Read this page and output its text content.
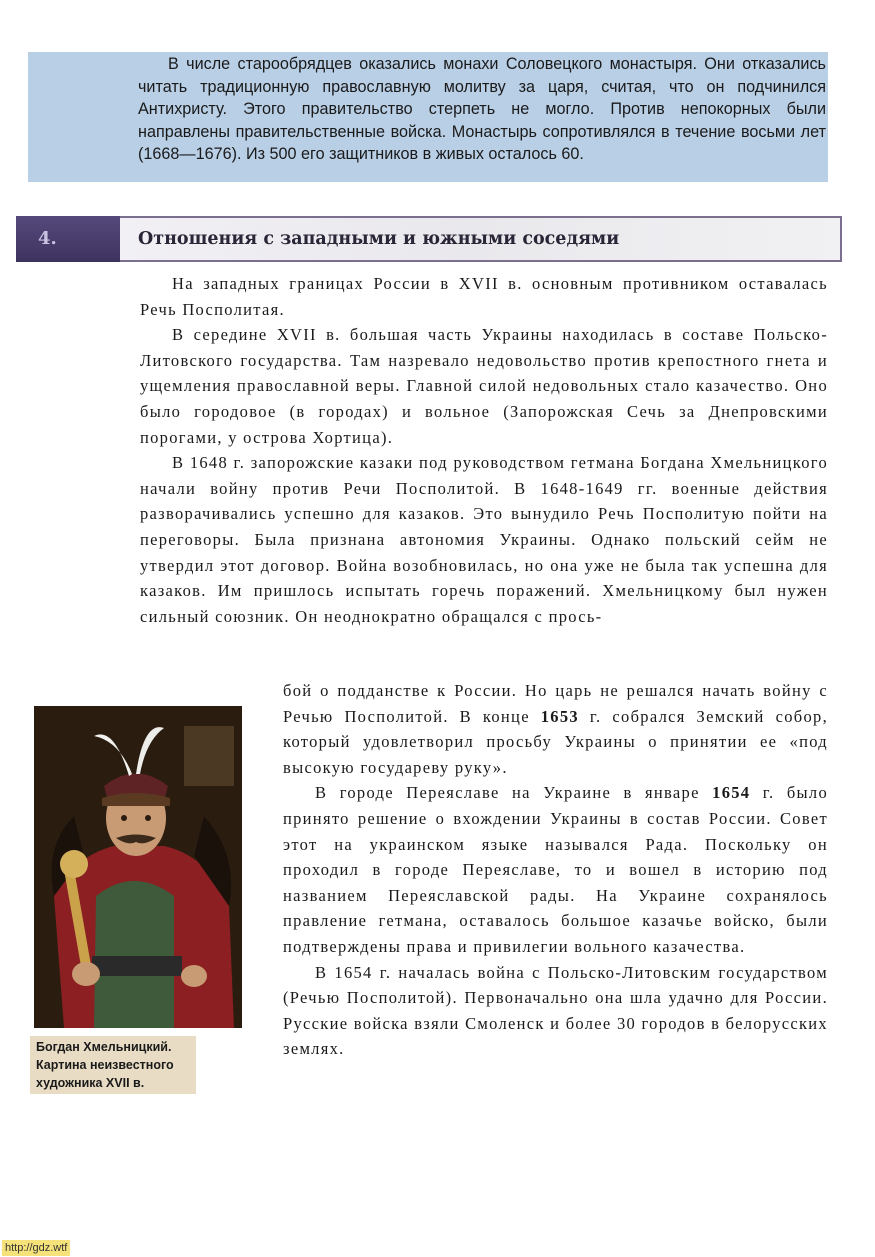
В числе старообрядцев оказались монахи Соловецкого монастыря. Они отказались читать традиционную православную молитву за царя, считая, что он подчинился Антихристу. Этого правительство стерпеть не могло. Против непокорных были направлены правительственные войска. Монастырь сопротивлялся в течение восьми лет (1668—1676). Из 500 его защитников в живых осталось 60.

4.	Отношения с западными и южными соседями

На западных границах России в XVII в. основным противником оставалась Речь Посполитая.

В середине XVII в. большая часть Украины находилась в составе Польско-Литовского государства. Там назревало недовольство против крепостного гнета и ущемления православной веры. Главной силой недовольных стало казачество. Оно было городовое (в городах) и вольное (Запорожская Сечь за Днепровскими порогами, у острова Хортица).

В 1648 г. запорожские казаки под руководством гетмана Богдана Хмельницкого начали войну против Речи Посполитой. В 1648-1649 гг. военные действия разворачивались успешно для казаков. Это вынудило Речь Посполитую пойти на переговоры. Была признана автономия Украины. Однако польский сейм не утвердил этот договор. Война возобновилась, но она уже не была так успешна для казаков. Им пришлось испытать горечь поражений. Хмельницкому был нужен сильный союзник. Он неоднократно обращался с прось-

Богдан Хмельницкий.
Картина неизвестного
художника XVII в.

бой о подданстве к России. Но царь не решался начать войну с Речью Посполитой. В конце 1653 г. собрался Земский собор, который удовлетворил просьбу Украины о принятии ее «под высокую государеву руку».

В городе Переяславе на Украине в январе 1654 г. было принято решение о вхождении Украины в состав России. Совет этот на украинском языке назывался Рада. Поскольку он проходил в городе Переяславе, то и вошел в историю под названием Переяславской рады. На Украине сохранялось правление гетмана, оставалось большое казачье войско, были подтверждены права и привилегии вольного казачества.

В 1654 г. началась война с Польско-Литовским государством (Речью Посполитой). Первоначально она шла удачно для России. Русские войска взяли Смоленск и более 30 городов в белорусских землях.

http://gdz.wtf
